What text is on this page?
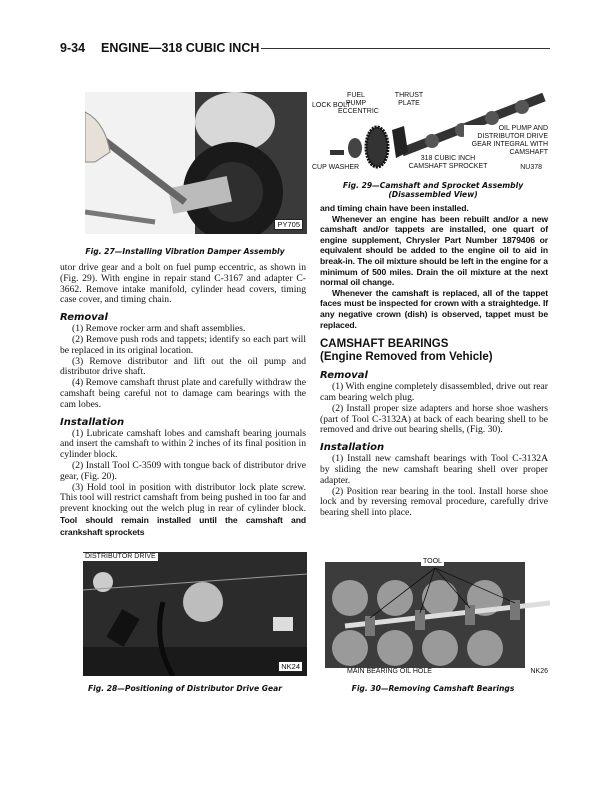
9-34 ENGINE—318 CUBIC INCH
PY705
Fig. 27—Installing Vibration Damper Assembly

utor drive gear and a bolt on fuel pump eccentric, as shown in (Fig. 29). With engine in repair stand C-3167 and adapter C-3662. Remove intake manifold, cylinder head covers, timing case cover, and timing chain.

Removal

(1) Remove rocker arm and shaft assemblies.

(2) Remove push rods and tappets; identify so each part will be replaced in its original location.

(3) Remove distributor and lift out the oil pump and distributor drive shaft.

(4) Remove camshaft thrust plate and carefully withdraw the camshaft being careful not to damage cam bearings with the cam lobes.

Installation

(1) Lubricate camshaft lobes and camshaft bearing journals and insert the camshaft to within 2 inches of its final position in cylinder block.

(2) Install Tool C-3509 with tongue back of distributor drive gear, (Fig. 20).

(3) Hold tool in position with distributor lock plate screw. This tool will restrict camshaft from being pushed in too far and prevent knocking out the welch plug in rear of cylinder block. Tool should remain installed until the camshaft and crankshaft sprockets

DISTRIBUTOR DRIVE
NK24
Fig. 28—Positioning of Distributor Drive Gear
LOCK BOLT
FUEL PUMP ECCENTRIC
THRUST PLATE
OIL PUMP AND DISTRIBUTOR DRIVE GEAR INTEGRAL WITH CAMSHAFT
CUP WASHER
318 CUBIC INCH CAMSHAFT SPROCKET	NU378
Fig. 29—Camshaft and Sprocket Assembly
(Disassembled View)

and timing chain have been installed.

Whenever an engine has been rebuilt and/or a new camshaft and/or tappets are installed, one quart of engine supplement, Chrysler Part Number 1879406 or equivalent should be added to the engine oil to aid in break-in. The oil mixture should be left in the engine for a minimum of 500 miles. Drain the oil mixture at the next normal oil change.

Whenever the camshaft is replaced, all of the tappet faces must be inspected for crown with a straightedge. If any negative crown (dish) is observed, tappet must be replaced.

CAMSHAFT BEARINGS
(Engine Removed from Vehicle)
Removal

(1) With engine completely disassembled, drive out rear cam bearing welch plug.

(2) Install proper size adapters and horse shoe washers (part of Tool C-3132A) at back of each bearing shell to be removed and drive out bearing shells, (Fig. 30).

Installation

(1) Install new camshaft bearings with Tool C-3132A by sliding the new camshaft bearing shell over proper adapter.

(2) Position rear bearing in the tool. Install horse shoe lock and by reversing removal procedure, carefully drive bearing shell into place.

TOOL
MAIN BEARING OIL HOLE	NK26
Fig. 30—Removing Camshaft Bearings
